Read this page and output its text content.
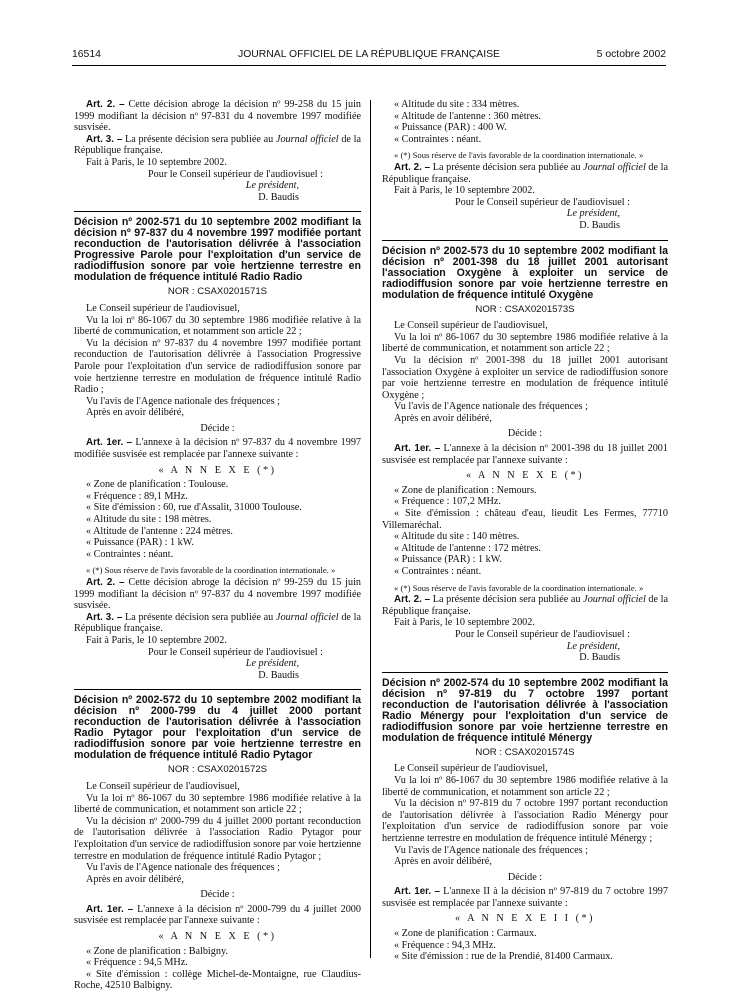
16514	JOURNAL OFFICIEL DE LA RÉPUBLIQUE FRANÇAISE	5 octobre 2002

Art. 2. – Cette décision abroge la décision nº 99-258 du 15 juin 1999 modifiant la décision nº 97-831 du 4 novembre 1997 modifiée susvisée.

Art. 3. – La présente décision sera publiée au Journal officiel de la République française.

Fait à Paris, le 10 septembre 2002.

Pour le Conseil supérieur de l'audiovisuel :

Le président,

D. Baudis

Décision nº 2002-571 du 10 septembre 2002 modifiant la décision nº 97-837 du 4 novembre 1997 modifiée portant reconduction de l'autorisation délivrée à l'association Progressive Parole pour l'exploitation d'un service de radiodiffusion sonore par voie hertzienne terrestre en modulation de fréquence intitulé Radio Radio

NOR : CSAX0201571S

Le Conseil supérieur de l'audiovisuel,

Vu la loi nº 86-1067 du 30 septembre 1986 modifiée relative à la liberté de communication, et notamment son article 22 ;

Vu la décision nº 97-837 du 4 novembre 1997 modifiée portant reconduction de l'autorisation délivrée à l'association Progressive Parole pour l'exploitation d'un service de radiodiffusion sonore par voie hertzienne terrestre en modulation de fréquence intitulé Radio Radio ;

Vu l'avis de l'Agence nationale des fréquences ;

Après en avoir délibéré,

Décide :

Art. 1er. – L'annexe à la décision nº 97-837 du 4 novembre 1997 modifiée susvisée est remplacée par l'annexe suivante :

« A N N E X E (*)

« Zone de planification : Toulouse.

« Fréquence : 89,1 MHz.

« Site d'émission : 60, rue d'Assalit, 31000 Toulouse.

« Altitude du site : 198 mètres.

« Altitude de l'antenne : 224 mètres.

« Puissance (PAR) : 1 kW.

« Contraintes : néant.

« (*) Sous réserve de l'avis favorable de la coordination internationale. »

Art. 2. – Cette décision abroge la décision nº 99-259 du 15 juin 1999 modifiant la décision nº 97-837 du 4 novembre 1997 modifiée susvisée.

Art. 3. – La présente décision sera publiée au Journal officiel de la République française.

Fait à Paris, le 10 septembre 2002.

Pour le Conseil supérieur de l'audiovisuel :

Le président,

D. Baudis

Décision nº 2002-572 du 10 septembre 2002 modifiant la décision nº 2000-799 du 4 juillet 2000 portant reconduction de l'autorisation délivrée à l'association Radio Pytagor pour l'exploitation d'un service de radiodiffusion sonore par voie hertzienne terrestre en modulation de fréquence intitulé Radio Pytagor

NOR : CSAX0201572S

Le Conseil supérieur de l'audiovisuel,

Vu la loi nº 86-1067 du 30 septembre 1986 modifiée relative à la liberté de communication, et notamment son article 22 ;

Vu la décision nº 2000-799 du 4 juillet 2000 portant reconduction de l'autorisation délivrée à l'association Radio Pytagor pour l'exploitation d'un service de radiodiffusion sonore par voie hertzienne terrestre en modulation de fréquence intitulé Radio Pytagor ;

Vu l'avis de l'Agence nationale des fréquences ;

Après en avoir délibéré,

Décide :

Art. 1er. – L'annexe à la décision nº 2000-799 du 4 juillet 2000 susvisée est remplacée par l'annexe suivante :

« A N N E X E (*)

« Zone de planification : Balbigny.

« Fréquence : 94,5 MHz.

« Site d'émission : collège Michel-de-Montaigne, rue Claudius-Roche, 42510 Balbigny.

« Altitude du site : 334 mètres.

« Altitude de l'antenne : 360 mètres.

« Puissance (PAR) : 400 W.

« Contraintes : néant.

« (*) Sous réserve de l'avis favorable de la coordination internationale. »

Art. 2. – La présente décision sera publiée au Journal officiel de la République française.

Fait à Paris, le 10 septembre 2002.

Pour le Conseil supérieur de l'audiovisuel :

Le président,

D. Baudis

Décision nº 2002-573 du 10 septembre 2002 modifiant la décision nº 2001-398 du 18 juillet 2001 autorisant l'association Oxygène à exploiter un service de radiodiffusion sonore par voie hertzienne terrestre en modulation de fréquence intitulé Oxygène

NOR : CSAX0201573S

Le Conseil supérieur de l'audiovisuel,

Vu la loi nº 86-1067 du 30 septembre 1986 modifiée relative à la liberté de communication, et notamment son article 22 ;

Vu la décision nº 2001-398 du 18 juillet 2001 autorisant l'association Oxygène à exploiter un service de radiodiffusion sonore par voie hertzienne terrestre en modulation de fréquence intitulé Oxygène ;

Vu l'avis de l'Agence nationale des fréquences ;

Après en avoir délibéré,

Décide :

Art. 1er. – L'annexe à la décision nº 2001-398 du 18 juillet 2001 susvisée est remplacée par l'annexe suivante :

« A N N E X E (*)

« Zone de planification : Nemours.

« Fréquence : 107,2 MHz.

« Site d'émission : château d'eau, lieudit Les Fermes, 77710 Villemaréchal.

« Altitude du site : 140 mètres.

« Altitude de l'antenne : 172 mètres.

« Puissance (PAR) : 1 kW.

« Contraintes : néant.

« (*) Sous réserve de l'avis favorable de la coordination internationale. »

Art. 2. – La présente décision sera publiée au Journal officiel de la République française.

Fait à Paris, le 10 septembre 2002.

Pour le Conseil supérieur de l'audiovisuel :

Le président,

D. Baudis

Décision nº 2002-574 du 10 septembre 2002 modifiant la décision nº 97-819 du 7 octobre 1997 portant reconduction de l'autorisation délivrée à l'association Radio Ménergy pour l'exploitation d'un service de radiodiffusion sonore par voie hertzienne terrestre en modulation de fréquence intitulé Ménergy

NOR : CSAX0201574S

Le Conseil supérieur de l'audiovisuel,

Vu la loi nº 86-1067 du 30 septembre 1986 modifiée relative à la liberté de communication, et notamment son article 22 ;

Vu la décision nº 97-819 du 7 octobre 1997 portant reconduction de l'autorisation délivrée à l'association Radio Ménergy pour l'exploitation d'un service de radiodiffusion sonore par voie hertzienne terrestre en modulation de fréquence intitulé Ménergy ;

Vu l'avis de l'Agence nationale des fréquences ;

Après en avoir délibéré,

Décide :

Art. 1er. – L'annexe II à la décision nº 97-819 du 7 octobre 1997 susvisée est remplacée par l'annexe suivante :

« A N N E X E I I (*)

« Zone de planification : Carmaux.

« Fréquence : 94,3 MHz.

« Site d'émission : rue de la Prendié, 81400 Carmaux.
